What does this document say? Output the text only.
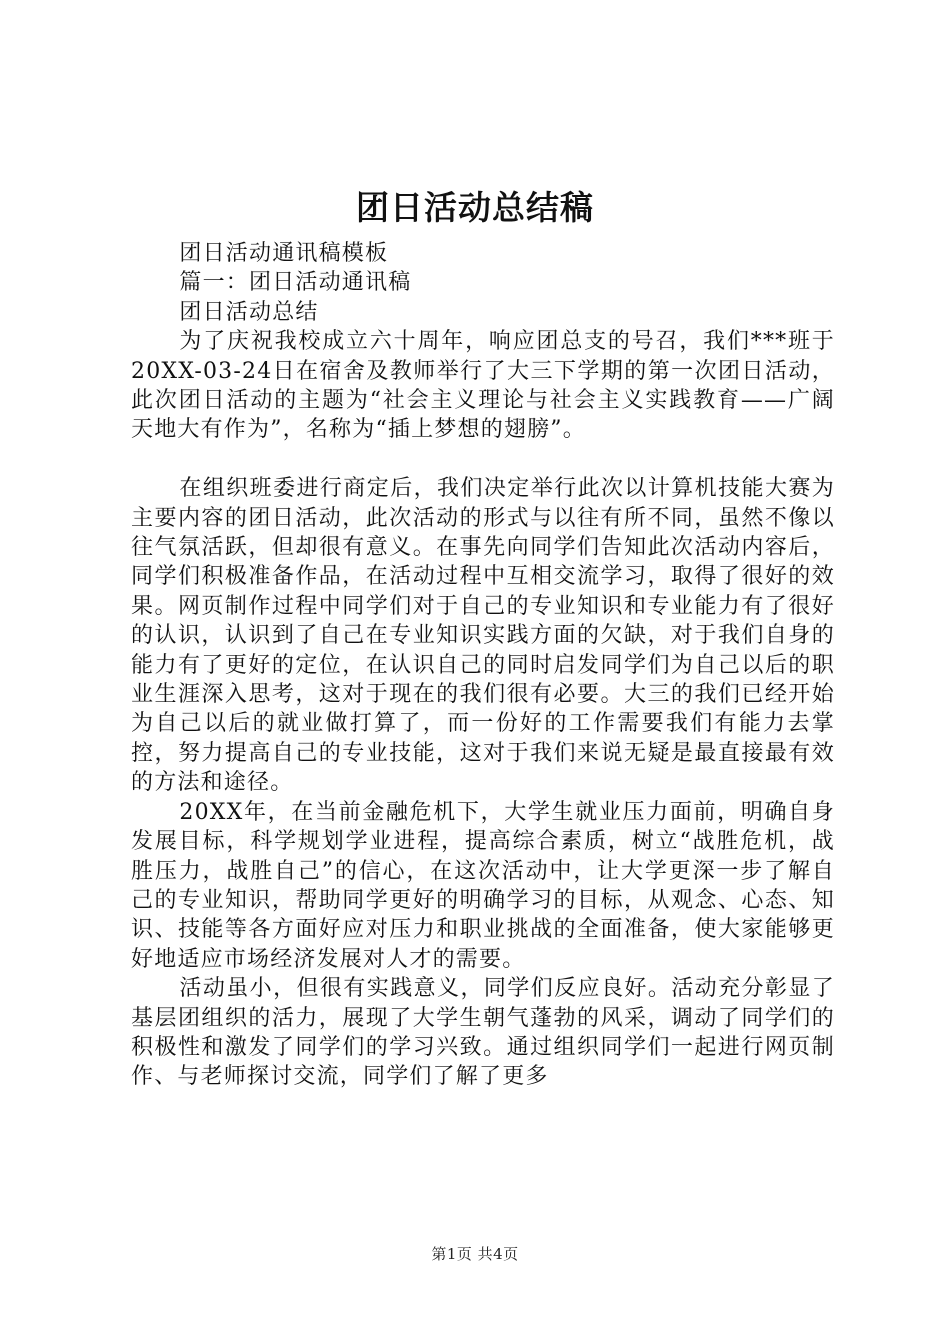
团日活动总结稿

团日活动通讯稿模板

篇一：团日活动通讯稿

团日活动总结

为了庆祝我校成立六十周年，响应团总支的号召，我们***班于20XX-03-24日在宿舍及教师举行了大三下学期的第一次团日活动，此次团日活动的主题为“社会主义理论与社会主义实践教育——广阔天地大有作为”，名称为“插上梦想的翅膀”。

在组织班委进行商定后，我们决定举行此次以计算机技能大赛为主要内容的团日活动，此次活动的形式与以往有所不同，虽然不像以往气氛活跃，但却很有意义。在事先向同学们告知此次活动内容后，同学们积极准备作品，在活动过程中互相交流学习，取得了很好的效果。网页制作过程中同学们对于自己的专业知识和专业能力有了很好的认识，认识到了自己在专业知识实践方面的欠缺，对于我们自身的能力有了更好的定位，在认识自己的同时启发同学们为自己以后的职业生涯深入思考，这对于现在的我们很有必要。大三的我们已经开始为自己以后的就业做打算了，而一份好的工作需要我们有能力去掌控，努力提高自己的专业技能，这对于我们来说无疑是最直接最有效的方法和途径。

20XX年，在当前金融危机下，大学生就业压力面前，明确自身发展目标，科学规划学业进程，提高综合素质，树立“战胜危机，战胜压力，战胜自己”的信心，在这次活动中，让大学更深一步了解自己的专业知识，帮助同学更好的明确学习的目标，从观念、心态、知识、技能等各方面好应对压力和职业挑战的全面准备，使大家能够更好地适应市场经济发展对人才的需要。

活动虽小，但很有实践意义，同学们反应良好。活动充分彰显了基层团组织的活力，展现了大学生朝气蓬勃的风采，调动了同学们的积极性和激发了同学们的学习兴致。通过组织同学们一起进行网页制作、与老师探讨交流，同学们了解了更多

第1页 共4页
